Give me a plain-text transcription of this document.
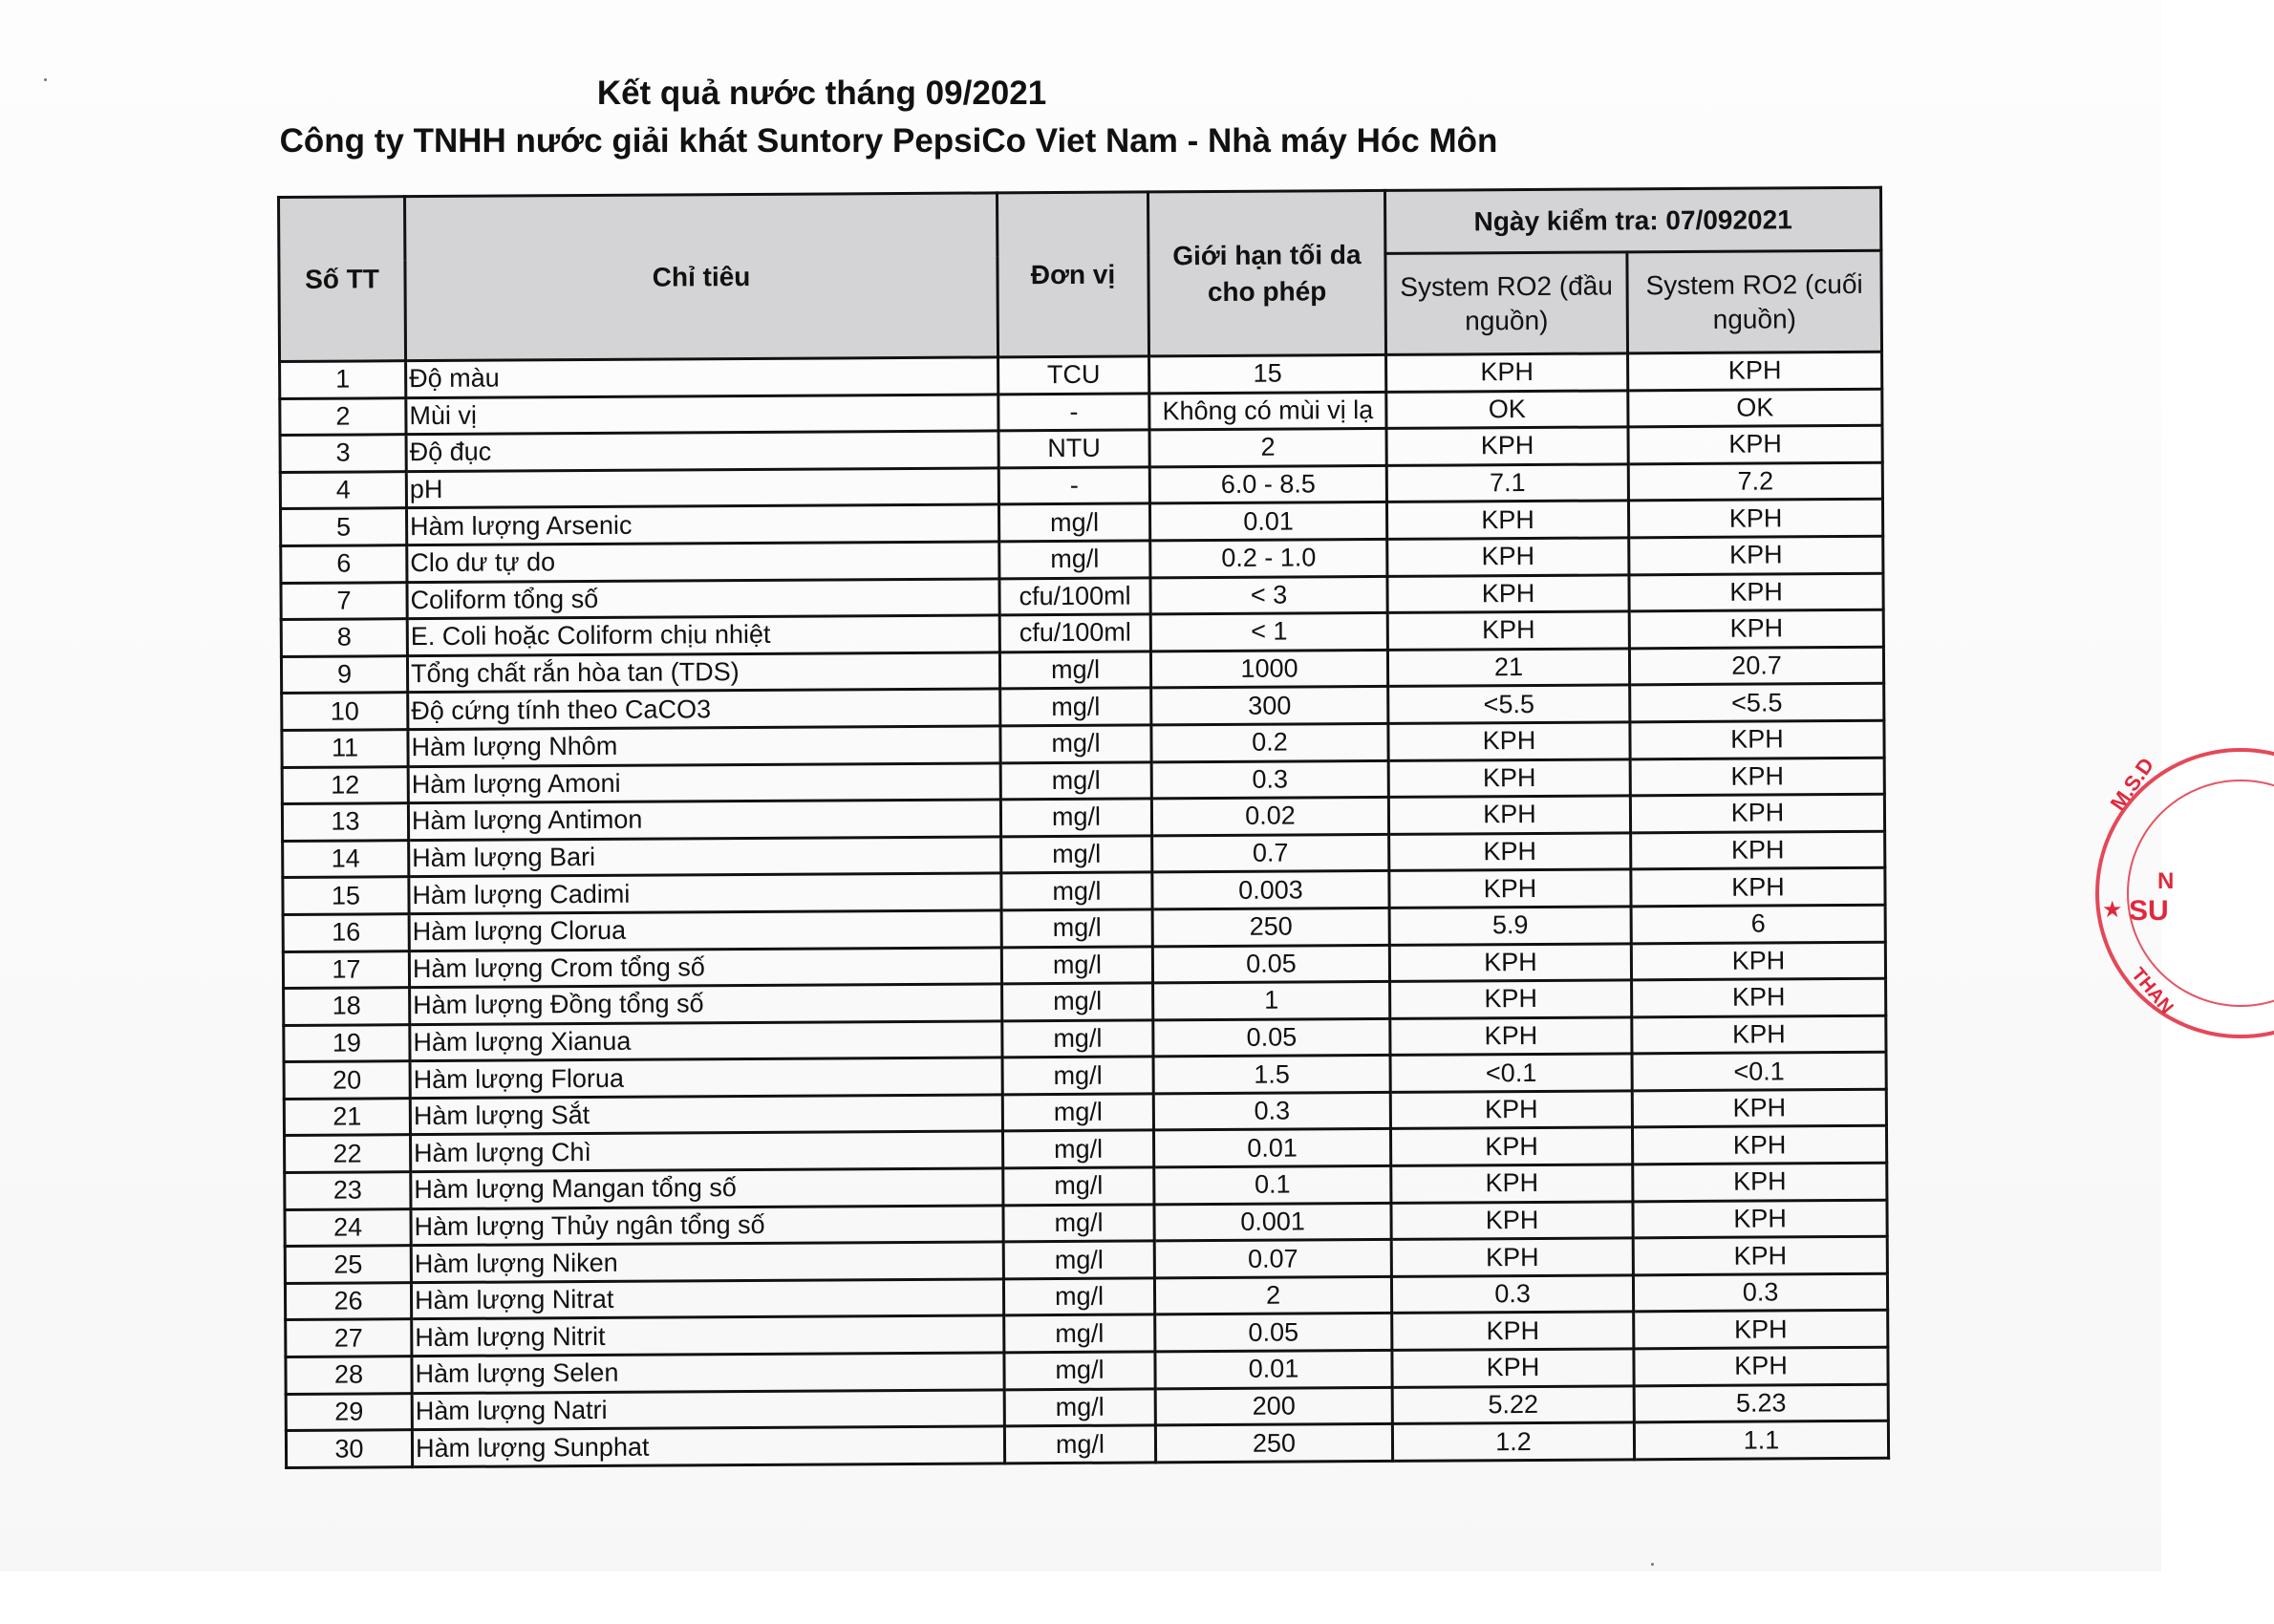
Kết quả nước tháng 09/2021
Công ty TNHH nước giải khát Suntory PepsiCo Viet Nam - Nhà máy Hóc Môn
Số TT	Chỉ tiêu	Đơn vị	Giới hạn tối da cho phép	Ngày kiểm tra: 07/092021	
				System RO2 (đầu nguồn)	System RO2 (cuối nguồn)
1	Độ màu	TCU	15	KPH	KPH
2	Mùi vị	-	Không có mùi vị lạ	OK	OK
3	Độ đục	NTU	2	KPH	KPH
4	pH	-	6.0 - 8.5	7.1	7.2
5	Hàm lượng Arsenic	mg/l	0.01	KPH	KPH
6	Clo dư tự do	mg/l	0.2 - 1.0	KPH	KPH
7	Coliform tổng số	cfu/100ml	< 3	KPH	KPH
8	E. Coli hoặc Coliform chịu nhiệt	cfu/100ml	< 1	KPH	KPH
9	Tổng chất rắn hòa tan (TDS)	mg/l	1000	21	20.7
10	Độ cứng tính theo CaCO3	mg/l	300	<5.5	<5.5
11	Hàm lượng Nhôm	mg/l	0.2	KPH	KPH
12	Hàm lượng Amoni	mg/l	0.3	KPH	KPH
13	Hàm lượng Antimon	mg/l	0.02	KPH	KPH
14	Hàm lượng Bari	mg/l	0.7	KPH	KPH
15	Hàm lượng Cadimi	mg/l	0.003	KPH	KPH
16	Hàm lượng Clorua	mg/l	250	5.9	6
17	Hàm lượng Crom tổng số	mg/l	0.05	KPH	KPH
18	Hàm lượng Đồng tổng số	mg/l	1	KPH	KPH
19	Hàm lượng Xianua	mg/l	0.05	KPH	KPH
20	Hàm lượng Florua	mg/l	1.5	<0.1	<0.1
21	Hàm lượng Sắt	mg/l	0.3	KPH	KPH
22	Hàm lượng Chì	mg/l	0.01	KPH	KPH
23	Hàm lượng Mangan tổng số	mg/l	0.1	KPH	KPH
24	Hàm lượng Thủy ngân tổng số	mg/l	0.001	KPH	KPH
25	Hàm lượng Niken	mg/l	0.07	KPH	KPH
26	Hàm lượng Nitrat	mg/l	2	0.3	0.3
27	Hàm lượng Nitrit	mg/l	0.05	KPH	KPH
28	Hàm lượng Selen	mg/l	0.01	KPH	KPH
29	Hàm lượng Natri	mg/l	200	5.22	5.23
30	Hàm lượng Sunphat	mg/l	250	1.2	1.1
M.S.D
N
★ SU
THAN
